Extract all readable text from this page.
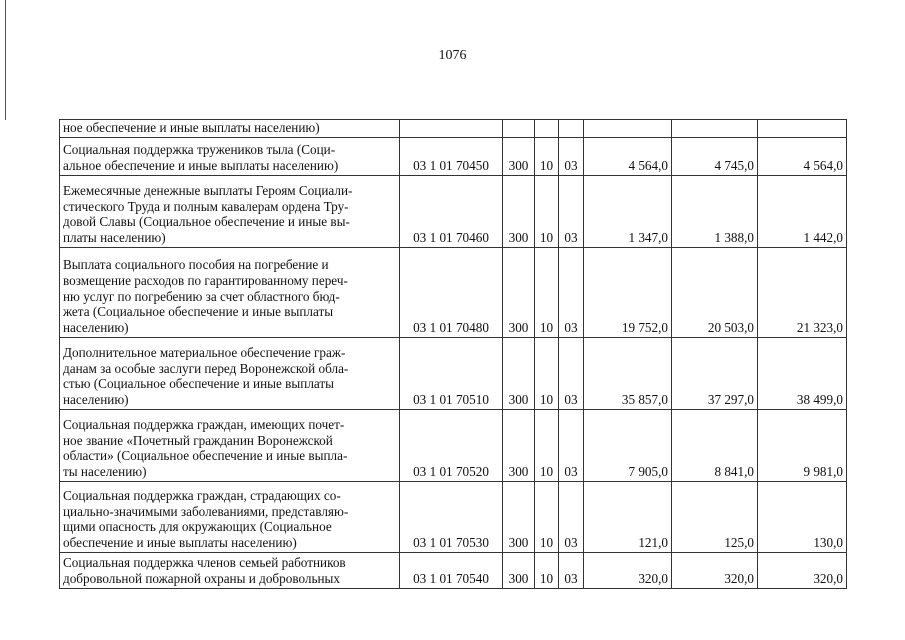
1076
ное обеспечение и иные выплаты населению)							

Социальная поддержка тружеников тыла (Соци-
альное обеспечение и иные выплаты населению)	03 1 01 70450	300	10	03	4 564,0	4 745,0	4 564,0

Ежемесячные денежные выплаты Героям Социали-
стического Труда и полным кавалерам ордена Тру-
довой Славы (Социальное обеспечение и иные вы-
платы населению)	03 1 01 70460	300	10	03	1 347,0	1 388,0	1 442,0

Выплата социального пособия на погребение и
возмещение расходов по гарантированному переч-
ню услуг по погребению за счет областного бюд-
жета (Социальное обеспечение и иные выплаты
населению)	03 1 01 70480	300	10	03	19 752,0	20 503,0	21 323,0

Дополнительное материальное обеспечение граж-
данам за особые заслуги перед Воронежской обла-
стью (Социальное обеспечение и иные выплаты
населению)	03 1 01 70510	300	10	03	35 857,0	37 297,0	38 499,0

Социальная поддержка граждан, имеющих почет-
ное звание «Почетный гражданин Воронежской
области» (Социальное обеспечение и иные выпла-
ты населению)	03 1 01 70520	300	10	03	7 905,0	8 841,0	9 981,0

Социальная поддержка граждан, страдающих со-
циально-значимыми заболеваниями, представляю-
щими опасность для окружающих (Социальное
обеспечение и иные выплаты населению)	03 1 01 70530	300	10	03	121,0	125,0	130,0

Социальная поддержка членов семьей работников
добровольной пожарной охраны и добровольных	03 1 01 70540	300	10	03	320,0	320,0	320,0
